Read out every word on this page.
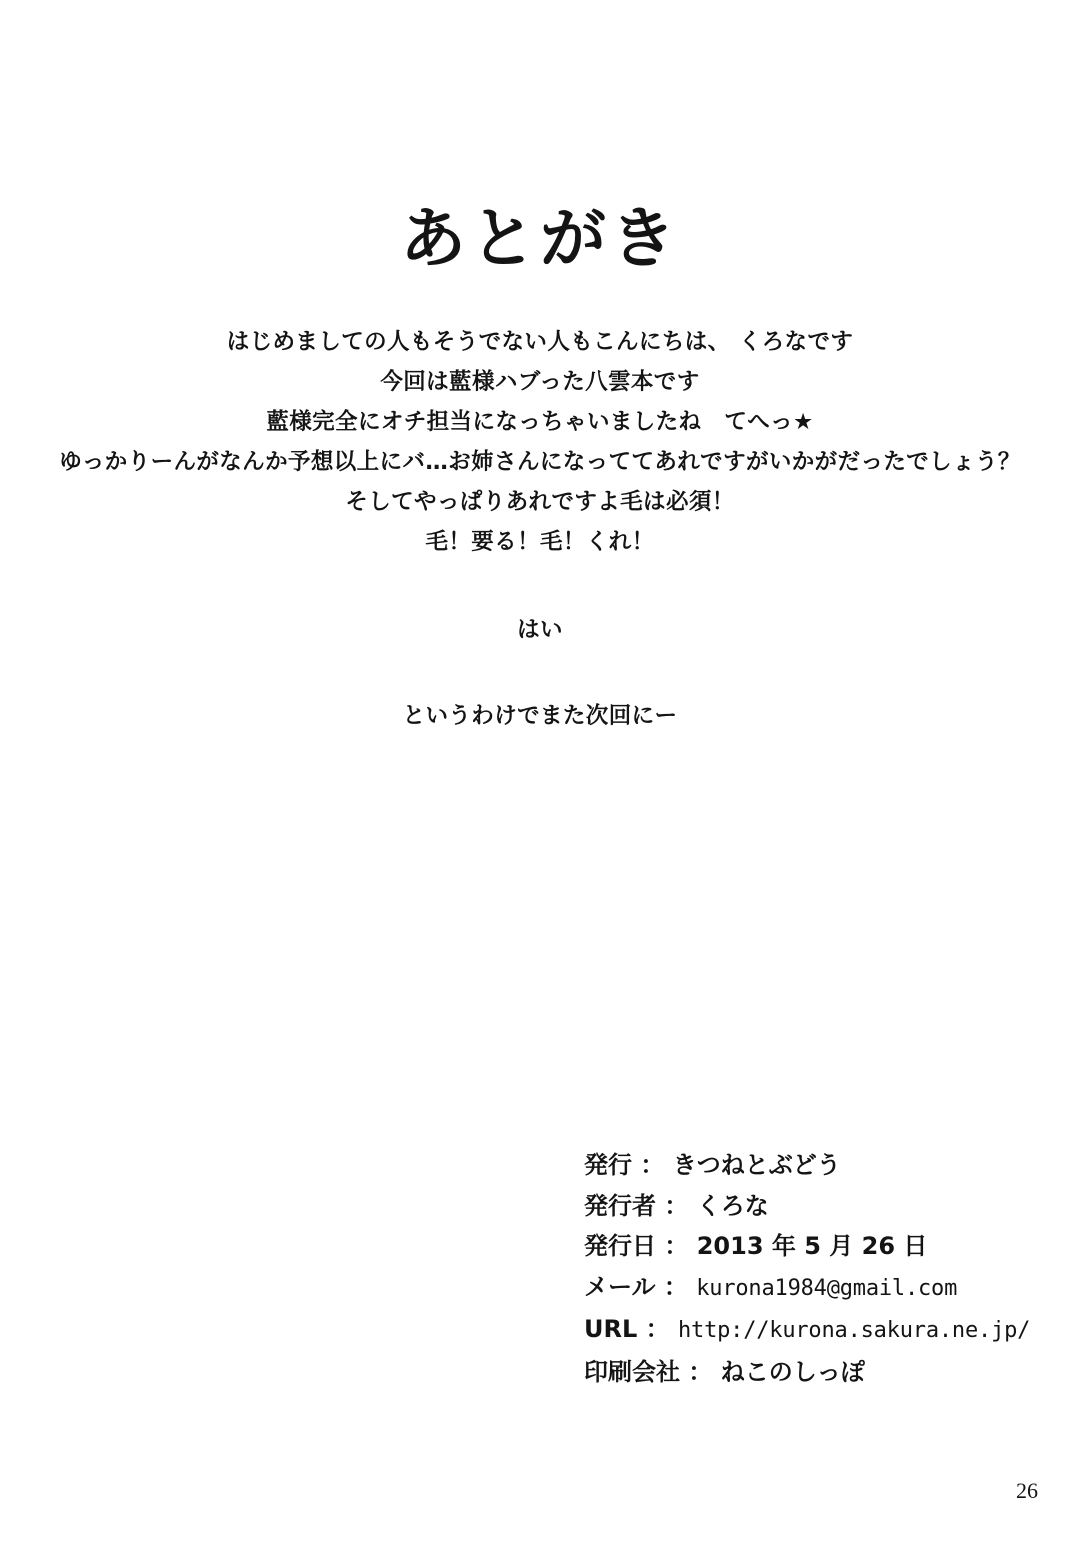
あとがき
はじめましての人もそうでない人もこんにちは、 くろなです
今回は藍様ハブった八雲本です
藍様完全にオチ担当になっちゃいましたね　てへっ★
ゆっかりーんがなんか予想以上にバ…お姉さんになっててあれですがいかがだったでしょう？
そしてやっぱりあれですよ毛は必須！
毛！要る！毛！くれ！
はい
というわけでまた次回にー
発行 ： きつねとぶどう
発行者 ： くろな
発行日 ： 2013 年 5 月 26 日
メール ： kurona1984@gmail.com
URL ： http://kurona.sakura.ne.jp/
印刷会社 ： ねこのしっぽ
26
